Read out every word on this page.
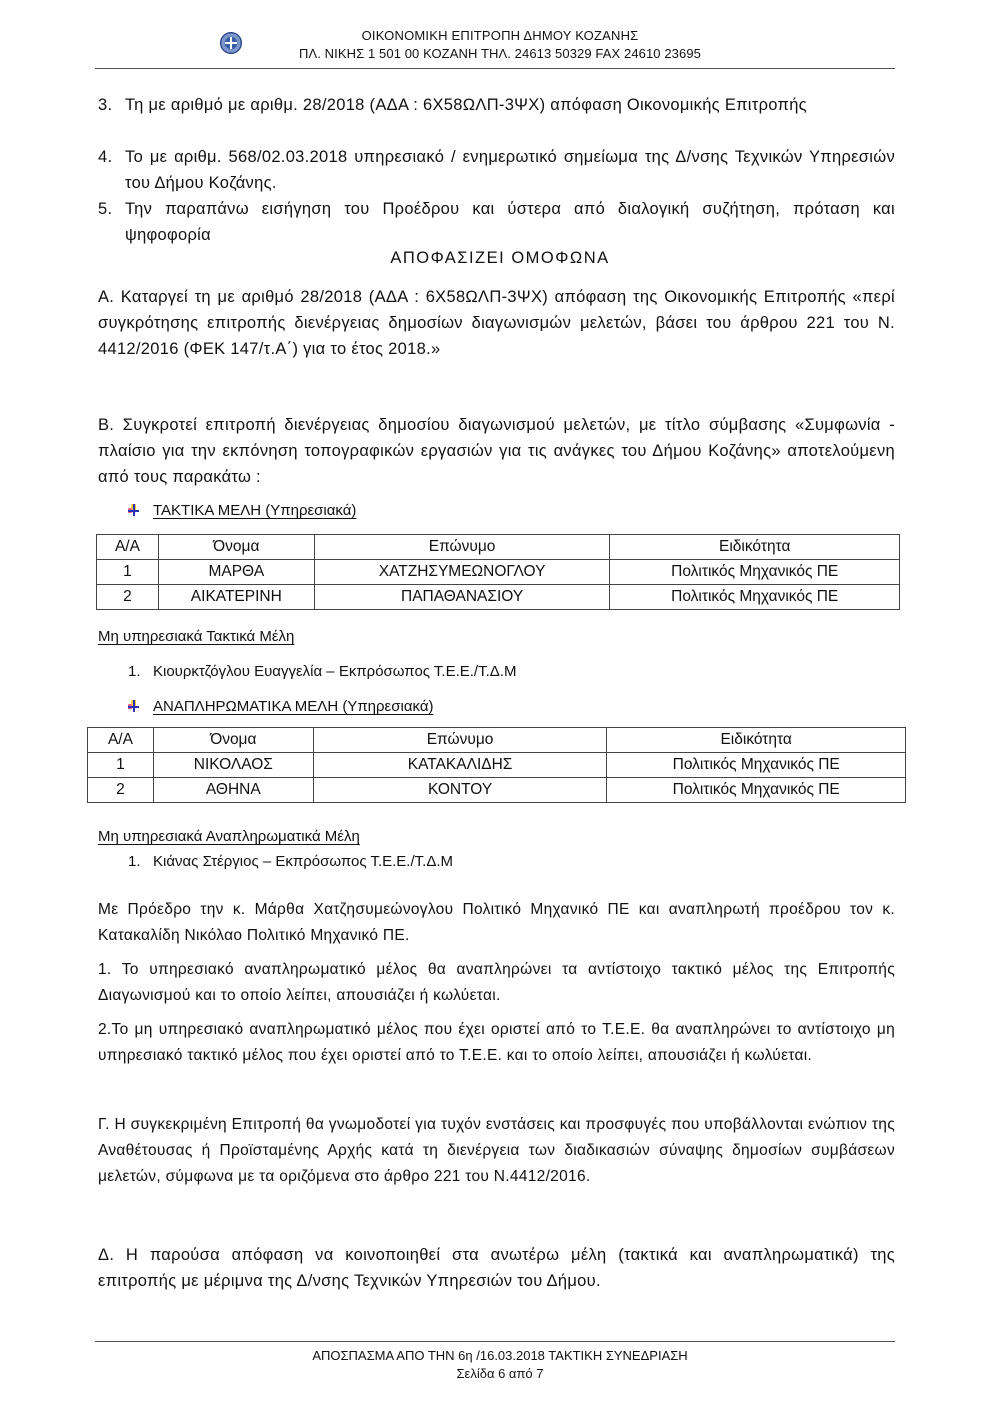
ΟΙΚΟΝΟΜΙΚΗ ΕΠΙΤΡΟΠΗ ΔΗΜΟΥ ΚΟΖΑΝΗΣ
ΠΛ. ΝΙΚΗΣ 1 501 00 ΚΟΖΑΝΗ ΤΗΛ. 24613 50329 FAX 24610 23695
3. Τη με αριθμό με αριθμ. 28/2018 (ΑΔΑ : 6Χ58ΩΛΠ-3ΨΧ) απόφαση Οικονομικής Επιτροπής
4. Το με αριθμ. 568/02.03.2018 υπηρεσιακό / ενημερωτικό σημείωμα της Δ/νσης Τεχνικών Υπηρεσιών του Δήμου Κοζάνης.
5. Την παραπάνω εισήγηση του Προέδρου και ύστερα από διαλογική συζήτηση, πρόταση και ψηφοφορία
ΑΠΟΦΑΣΙΖΕΙ ΟΜΟΦΩΝΑ
Α. Καταργεί τη με αριθμό 28/2018 (ΑΔΑ : 6Χ58ΩΛΠ-3ΨΧ) απόφαση της Οικονομικής Επιτροπής «περί συγκρότησης επιτροπής διενέργειας δημοσίων διαγωνισμών μελετών, βάσει του άρθρου 221 του Ν. 4412/2016 (ΦΕΚ 147/τ.Α΄) για το έτος 2018.»
Β. Συγκροτεί επιτροπή διενέργειας δημοσίου διαγωνισμού μελετών, με τίτλο σύμβασης «Συμφωνία - πλαίσιο για την εκπόνηση τοπογραφικών εργασιών για τις ανάγκες του Δήμου Κοζάνης» αποτελούμενη από τους παρακάτω :
ΤΑΚΤΙΚΑ ΜΕΛΗ (Υπηρεσιακά)
Α/Α	Όνομα	Επώνυμο	Ειδικότητα
1	ΜΑΡΘΑ	ΧΑΤΖΗΣΥΜΕΩΝΟΓΛΟΥ	Πολιτικός Μηχανικός ΠΕ
2	ΑΙΚΑΤΕΡΙΝΗ	ΠΑΠΑΘΑΝΑΣΙΟΥ	Πολιτικός Μηχανικός ΠΕ
Μη υπηρεσιακά Τακτικά Μέλη
1. Κιουρκτζόγλου Ευαγγελία – Εκπρόσωπος Τ.Ε.Ε./Τ.Δ.Μ
ΑΝΑΠΛΗΡΩΜΑΤΙΚΑ ΜΕΛΗ (Υπηρεσιακά)
Α/Α	Όνομα	Επώνυμο	Ειδικότητα
1	ΝΙΚΟΛΑΟΣ	ΚΑΤΑΚΑΛΙΔΗΣ	Πολιτικός Μηχανικός ΠΕ
2	ΑΘΗΝΑ	ΚΟΝΤΟΥ	Πολιτικός Μηχανικός ΠΕ
Μη υπηρεσιακά Αναπληρωματικά Μέλη
1. Κιάνας Στέργιος – Εκπρόσωπος Τ.Ε.Ε./Τ.Δ.Μ
Με Πρόεδρο την κ. Μάρθα Χατζησυμεώνογλου Πολιτικό Μηχανικό ΠΕ και αναπληρωτή προέδρου τον κ. Κατακαλίδη Νικόλαο Πολιτικό Μηχανικό ΠΕ.
1. Το υπηρεσιακό αναπληρωματικό μέλος θα αναπληρώνει τα αντίστοιχο τακτικό μέλος της Επιτροπής Διαγωνισμού και το οποίο λείπει, απουσιάζει ή κωλύεται.
2.Το μη υπηρεσιακό αναπληρωματικό μέλος που έχει οριστεί από το Τ.Ε.Ε. θα αναπληρώνει το αντίστοιχο μη υπηρεσιακό τακτικό μέλος που έχει οριστεί από το Τ.Ε.Ε. και το οποίο λείπει, απουσιάζει ή κωλύεται.
Γ. Η συγκεκριμένη Επιτροπή θα γνωμοδοτεί για τυχόν ενστάσεις και προσφυγές που υποβάλλονται ενώπιον της Αναθέτουσας ή Προϊσταμένης Αρχής κατά τη διενέργεια των διαδικασιών σύναψης δημοσίων συμβάσεων μελετών, σύμφωνα με τα οριζόμενα στο άρθρο 221 του Ν.4412/2016.
Δ. Η παρούσα απόφαση να κοινοποιηθεί στα ανωτέρω μέλη (τακτικά και αναπληρωματικά) της επιτροπής με μέριμνα της Δ/νσης Τεχνικών Υπηρεσιών του Δήμου.
ΑΠΟΣΠΑΣΜΑ ΑΠΟ ΤΗΝ 6η /16.03.2018 ΤΑΚΤΙΚΗ ΣΥΝΕΔΡΙΑΣΗ
Σελίδα 6 από 7
